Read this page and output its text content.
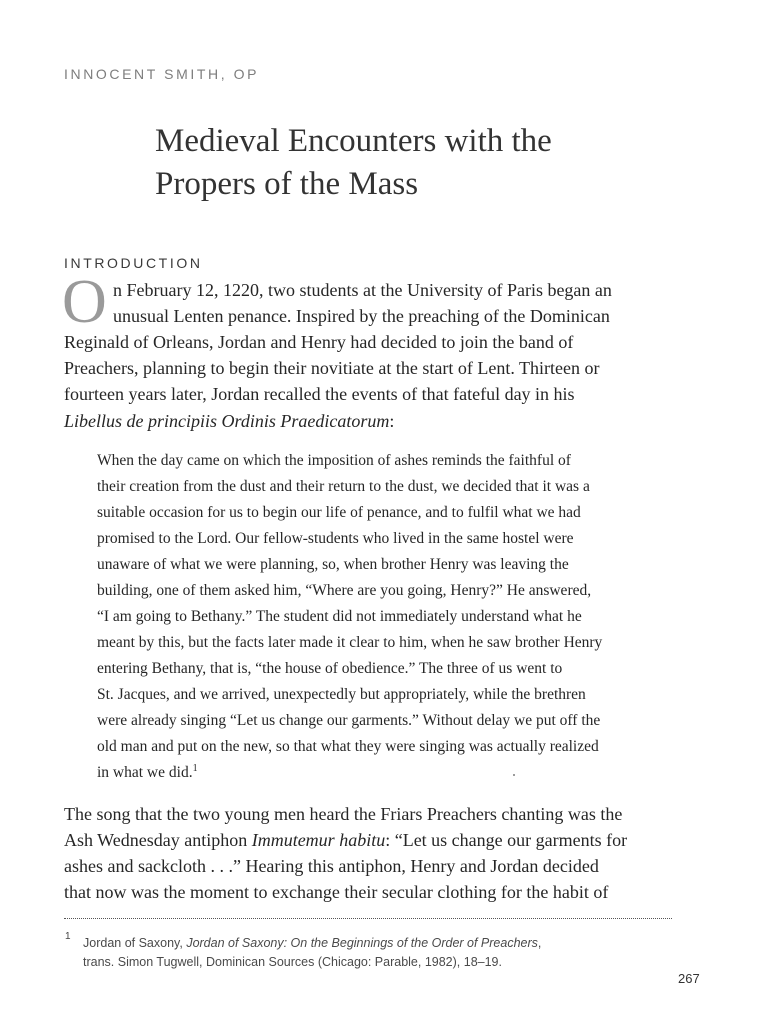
INNOCENT SMITH, OP
Medieval Encounters with the
Propers of the Mass
INTRODUCTION
O n February 12, 1220, two students at the University of Paris began an
unusual Lenten penance. Inspired by the preaching of the Dominican
Reginald of Orleans, Jordan and Henry had decided to join the band of
Preachers, planning to begin their novitiate at the start of Lent. Thirteen or
fourteen years later, Jordan recalled the events of that fateful day in his
Libellus de principiis Ordinis Praedicatorum:
When the day came on which the imposition of ashes reminds the faithful of
their creation from the dust and their return to the dust, we decided that it was a
suitable occasion for us to begin our life of penance, and to fulfil what we had
promised to the Lord. Our fellow-students who lived in the same hostel were
unaware of what we were planning, so, when brother Henry was leaving the
building, one of them asked him, “Where are you going, Henry?” He answered,
“I am going to Bethany.” The student did not immediately understand what he
meant by this, but the facts later made it clear to him, when he saw brother Henry
entering Bethany, that is, “the house of obedience.” The three of us went to
St. Jacques, and we arrived, unexpectedly but appropriately, while the brethren
were already singing “Let us change our garments.” Without delay we put off the
old man and put on the new, so that what they were singing was actually realized
in what we did.$^1$
The song that the two young men heard the Friars Preachers chanting was the
Ash Wednesday antiphon Immutemur habitu: “Let us change our garments for
ashes and sackcloth . . .” Hearing this antiphon, Henry and Jordan decided
that now was the moment to exchange their secular clothing for the habit of
1 Jordan of Saxony, Jordan of Saxony: On the Beginnings of the Order of Preachers,
trans. Simon Tugwell, Dominican Sources (Chicago: Parable, 1982), 18–19.
267
